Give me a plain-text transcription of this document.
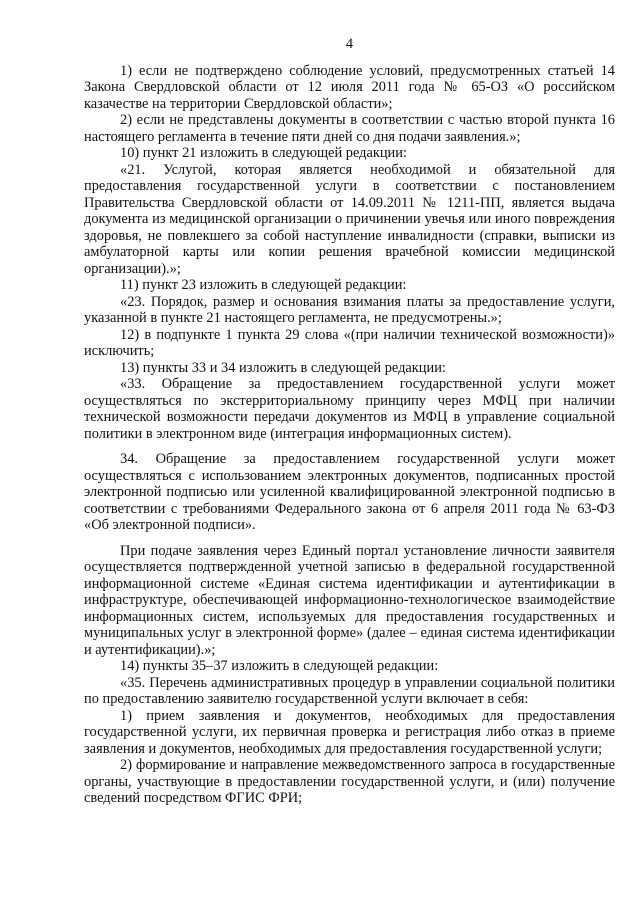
4

1) если не подтверждено соблюдение условий, предусмотренных статьей 14 Закона Свердловской области от 12 июля 2011 года № 65-ОЗ «О российском казачестве на территории Свердловской области»;

2) если не представлены документы в соответствии с частью второй пункта 16 настоящего регламента в течение пяти дней со дня подачи заявления.»;

10) пункт 21 изложить в следующей редакции:

«21. Услугой, которая является необходимой и обязательной для предоставления государственной услуги в соответствии с постановлением Правительства Свердловской области от 14.09.2011 № 1211-ПП, является выдача документа из медицинской организации о причинении увечья или иного повреждения здоровья, не повлекшего за собой наступление инвалидности (справки, выписки из амбулаторной карты или копии решения врачебной комиссии медицинской организации).»;

11) пункт 23 изложить в следующей редакции:

«23. Порядок, размер и основания взимания платы за предоставление услуги, указанной в пункте 21 настоящего регламента, не предусмотрены.»;

12) в подпункте 1 пункта 29 слова «(при наличии технической возможности)» исключить;

13) пункты 33 и 34 изложить в следующей редакции:

«33. Обращение за предоставлением государственной услуги может осуществляться по экстерриториальному принципу через МФЦ при наличии технической возможности передачи документов из МФЦ в управление социальной политики в электронном виде (интеграция информационных систем).

34. Обращение за предоставлением государственной услуги может осуществляться с использованием электронных документов, подписанных простой электронной подписью или усиленной квалифицированной электронной подписью в соответствии с требованиями Федерального закона от 6 апреля 2011 года № 63-ФЗ «Об электронной подписи».

При подаче заявления через Единый портал установление личности заявителя осуществляется подтвержденной учетной записью в федеральной государственной информационной системе «Единая система идентификации и аутентификации в инфраструктуре, обеспечивающей информационно-технологическое взаимодействие информационных систем, используемых для предоставления государственных и муниципальных услуг в электронной форме» (далее – единая система идентификации и аутентификации).»;

14) пункты 35–37 изложить в следующей редакции:

«35. Перечень административных процедур в управлении социальной политики по предоставлению заявителю государственной услуги включает в себя:

1) прием заявления и документов, необходимых для предоставления государственной услуги, их первичная проверка и регистрация либо отказ в приеме заявления и документов, необходимых для предоставления государственной услуги;

2) формирование и направление межведомственного запроса в государственные органы, участвующие в предоставлении государственной услуги, и (или) получение сведений посредством ФГИС ФРИ;
